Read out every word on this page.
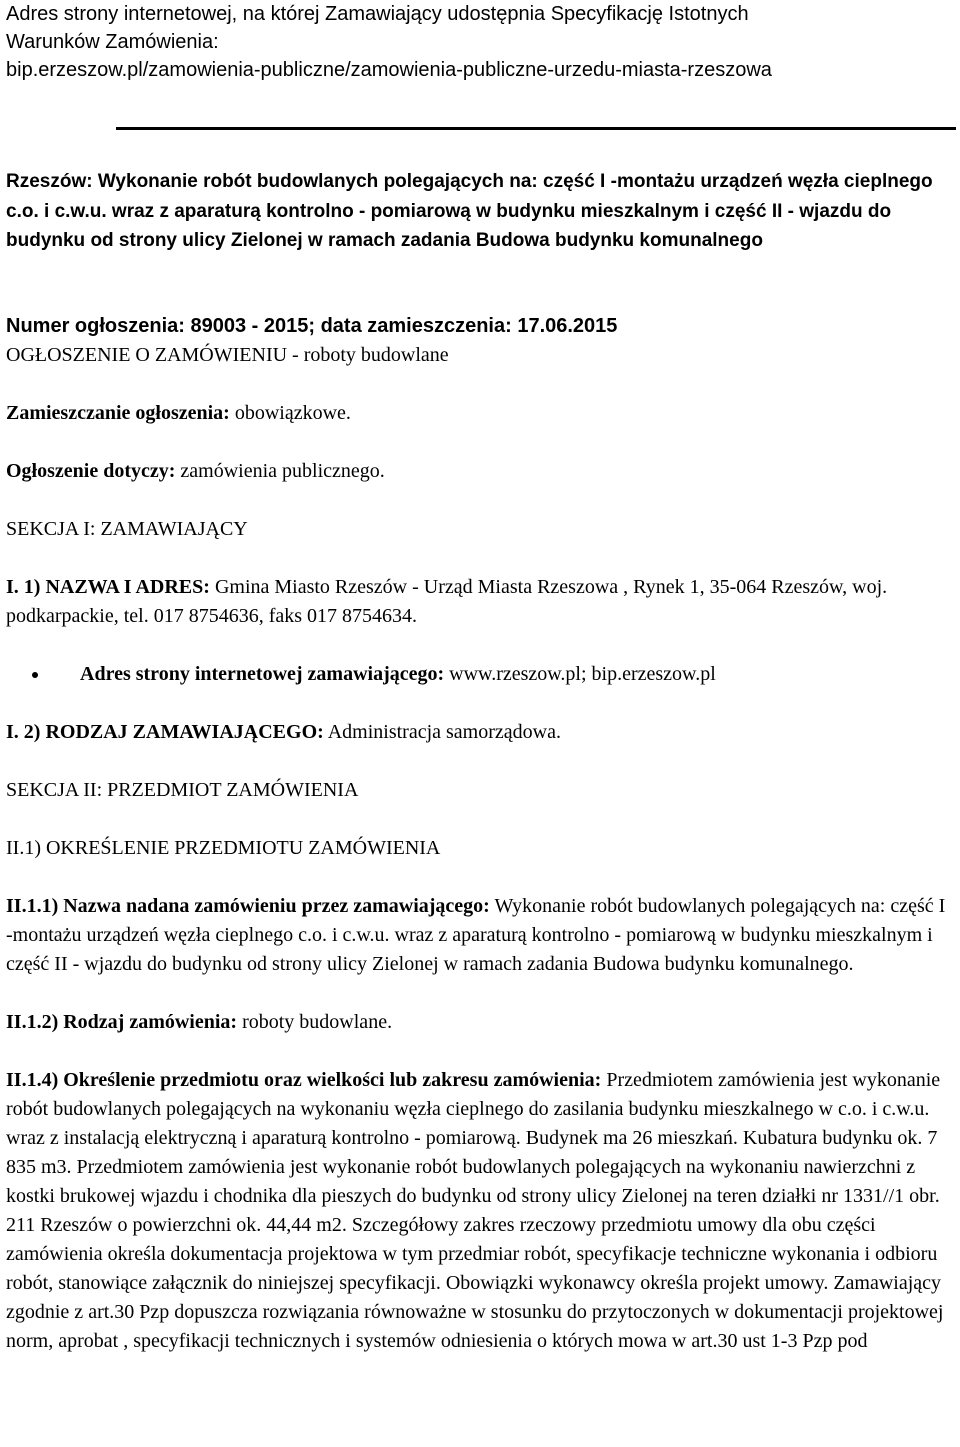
Adres strony internetowej, na której Zamawiający udostępnia Specyfikację Istotnych
Warunków Zamówienia:
bip.erzeszow.pl/zamowienia-publiczne/zamowienia-publiczne-urzedu-miasta-rzeszowa
Rzeszów: Wykonanie robót budowlanych polegających na: część I -montażu urządzeń węzła cieplnego c.o. i c.w.u. wraz z aparaturą kontrolno - pomiarową w budynku mieszkalnym i część II - wjazdu do budynku od strony ulicy Zielonej w ramach zadania Budowa budynku komunalnego

Numer ogłoszenia: 89003 - 2015; data zamieszczenia: 17.06.2015

OGŁOSZENIE O ZAMÓWIENIU - roboty budowlane

Zamieszczanie ogłoszenia: obowiązkowe.

Ogłoszenie dotyczy: zamówienia publicznego.

SEKCJA I: ZAMAWIAJĄCY

I. 1) NAZWA I ADRES: Gmina Miasto Rzeszów - Urząd Miasta Rzeszowa , Rynek 1, 35-064 Rzeszów, woj. podkarpackie, tel. 017 8754636, faks 017 8754634.

Adres strony internetowej zamawiającego: www.rzeszow.pl; bip.erzeszow.pl

I. 2) RODZAJ ZAMAWIAJĄCEGO: Administracja samorządowa.

SEKCJA II: PRZEDMIOT ZAMÓWIENIA

II.1) OKREŚLENIE PRZEDMIOTU ZAMÓWIENIA

II.1.1) Nazwa nadana zamówieniu przez zamawiającego: Wykonanie robót budowlanych polegających na: część I -montażu urządzeń węzła cieplnego c.o. i c.w.u. wraz z aparaturą kontrolno - pomiarową w budynku mieszkalnym i część II - wjazdu do budynku od strony ulicy Zielonej w ramach zadania Budowa budynku komunalnego.

II.1.2) Rodzaj zamówienia: roboty budowlane.

II.1.4) Określenie przedmiotu oraz wielkości lub zakresu zamówienia: Przedmiotem zamówienia jest wykonanie robót budowlanych polegających na wykonaniu węzła cieplnego do zasilania budynku mieszkalnego w c.o. i c.w.u. wraz z instalacją elektryczną i aparaturą kontrolno - pomiarową. Budynek ma 26 mieszkań. Kubatura budynku ok. 7 835 m3. Przedmiotem zamówienia jest wykonanie robót budowlanych polegających na wykonaniu nawierzchni z kostki brukowej wjazdu i chodnika dla pieszych do budynku od strony ulicy Zielonej na teren działki nr 1331//1 obr. 211 Rzeszów o powierzchni ok. 44,44 m2. Szczegółowy zakres rzeczowy przedmiotu umowy dla obu części zamówienia określa dokumentacja projektowa w tym przedmiar robót, specyfikacje techniczne wykonania i odbioru robót, stanowiące załącznik do niniejszej specyfikacji. Obowiązki wykonawcy określa projekt umowy. Zamawiający zgodnie z art.30 Pzp dopuszcza rozwiązania równoważne w stosunku do przytoczonych w dokumentacji projektowej norm, aprobat , specyfikacji technicznych i systemów odniesienia o których mowa w art.30 ust 1-3 Pzp pod
